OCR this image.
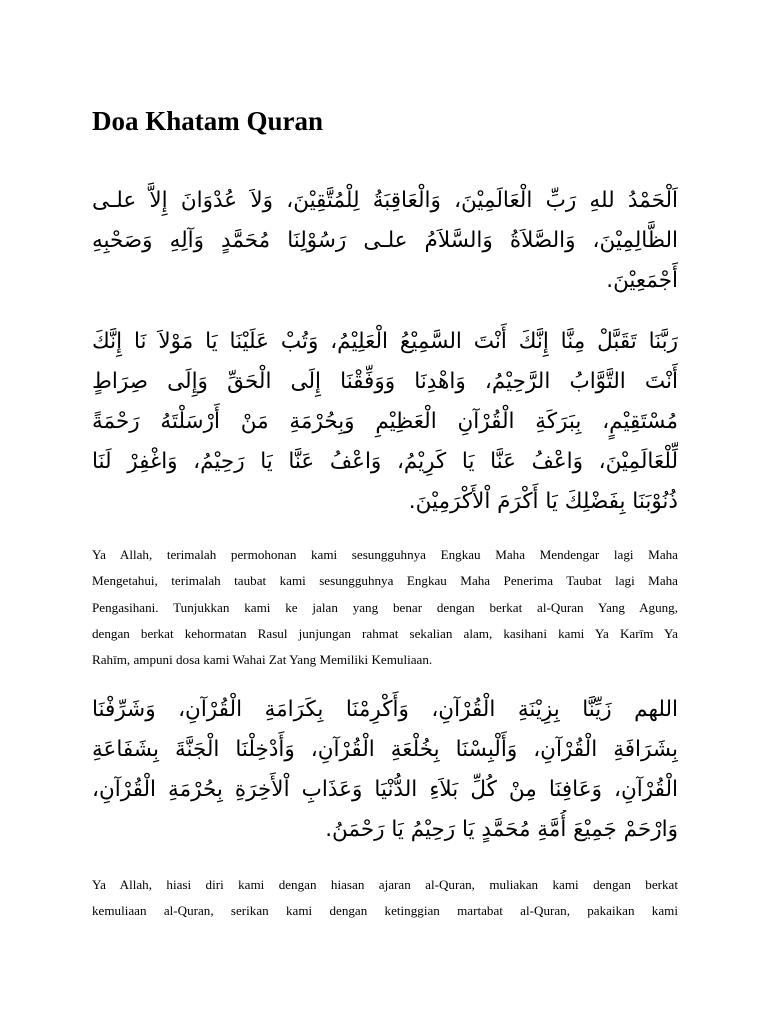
Doa Khatam Quran
اَلْحَمْدُ للهِ رَبِّ الْعَالَمِيْنَ، وَالْعَاقِبَةُ لِلْمُتَّقِيْنَ، وَلاَ عُدْوَانَ إِلاَّ علـى
الظَّالِمِيْنَ، وَالصَّلاَةُ وَالسَّلاَمُ علـى رَسُوْلِنَا مُحَمَّدٍ وَآلِهِ وَصَحْبِهِ
أَجْمَعِيْنَ.
رَبَّنَا تَقَبَّلْ مِنَّا إِنَّكَ أَنْتَ السَّمِيْعُ الْعَلِيْمُ، وَتُبْ عَلَيْنَا يَا مَوْلاَ نَا إِنَّكَ
أَنْتَ التَّوَّابُ الرَّحِيْمُ، وَاهْدِنَا وَوَفِّقْنَا إِلَى الْحَقِّ وَإِلَى صِرَاطٍ
مُسْتَقِيْمٍ، بِبَرَكَةِ الْقُرْآنِ الْعَظِيْمِ وَبِحُرْمَةِ مَنْ أَرْسَلْتَهُ رَحْمَةً
لِّلْعَالَمِيْنَ، وَاعْفُ عَنَّا يَا كَرِيْمُ، وَاعْفُ عَنَّا يَا رَحِيْمُ، وَاغْفِرْ لَنَا
ذُنُوْبَنَا بِفَضْلِكَ يَا أَكْرَمَ اْلأَكْرَمِيْنَ.
Ya Allah, terimalah permohonan kami sesungguhnya Engkau Maha Mendengar lagi Maha
Mengetahui, terimalah taubat kami sesungguhnya Engkau Maha Penerima Taubat lagi Maha
Pengasihani. Tunjukkan kami ke jalan yang benar dengan berkat al-Quran Yang Agung,
dengan berkat kehormatan Rasul junjungan rahmat sekalian alam, kasihani kami Ya Karīm Ya
Rahīm, ampuni dosa kami Wahai Zat Yang Memiliki Kemuliaan.
اللهم زَيِّنَّا بِزِيْنَةِ الْقُرْآنِ، وَأَكْرِمْنَا بِكَرَامَةِ الْقُرْآنِ، وَشَرِّفْنَا
بِشَرَافَةِ الْقُرْآنِ، وَأَلْبِسْنَا بِخُلْعَةِ الْقُرْآنِ، وَأَدْخِلْنَا الْجَنَّةَ بِشَفَاعَةِ
الْقُرْآنِ، وَعَافِنَا مِنْ كُلِّ بَلاَءِ الدُّنْيَا وَعَذَابِ اْلأَخِرَةِ بِحُرْمَةِ الْقُرْآنِ،
وَارْحَمْ جَمِيْعَ أُمَّةِ مُحَمَّدٍ يَا رَحِيْمُ يَا رَحْمَنُ.
Ya Allah, hiasi diri kami dengan hiasan ajaran al-Quran, muliakan kami dengan berkat
kemuliaan al-Quran, serikan kami dengan ketinggian martabat al-Quran, pakaikan kami
